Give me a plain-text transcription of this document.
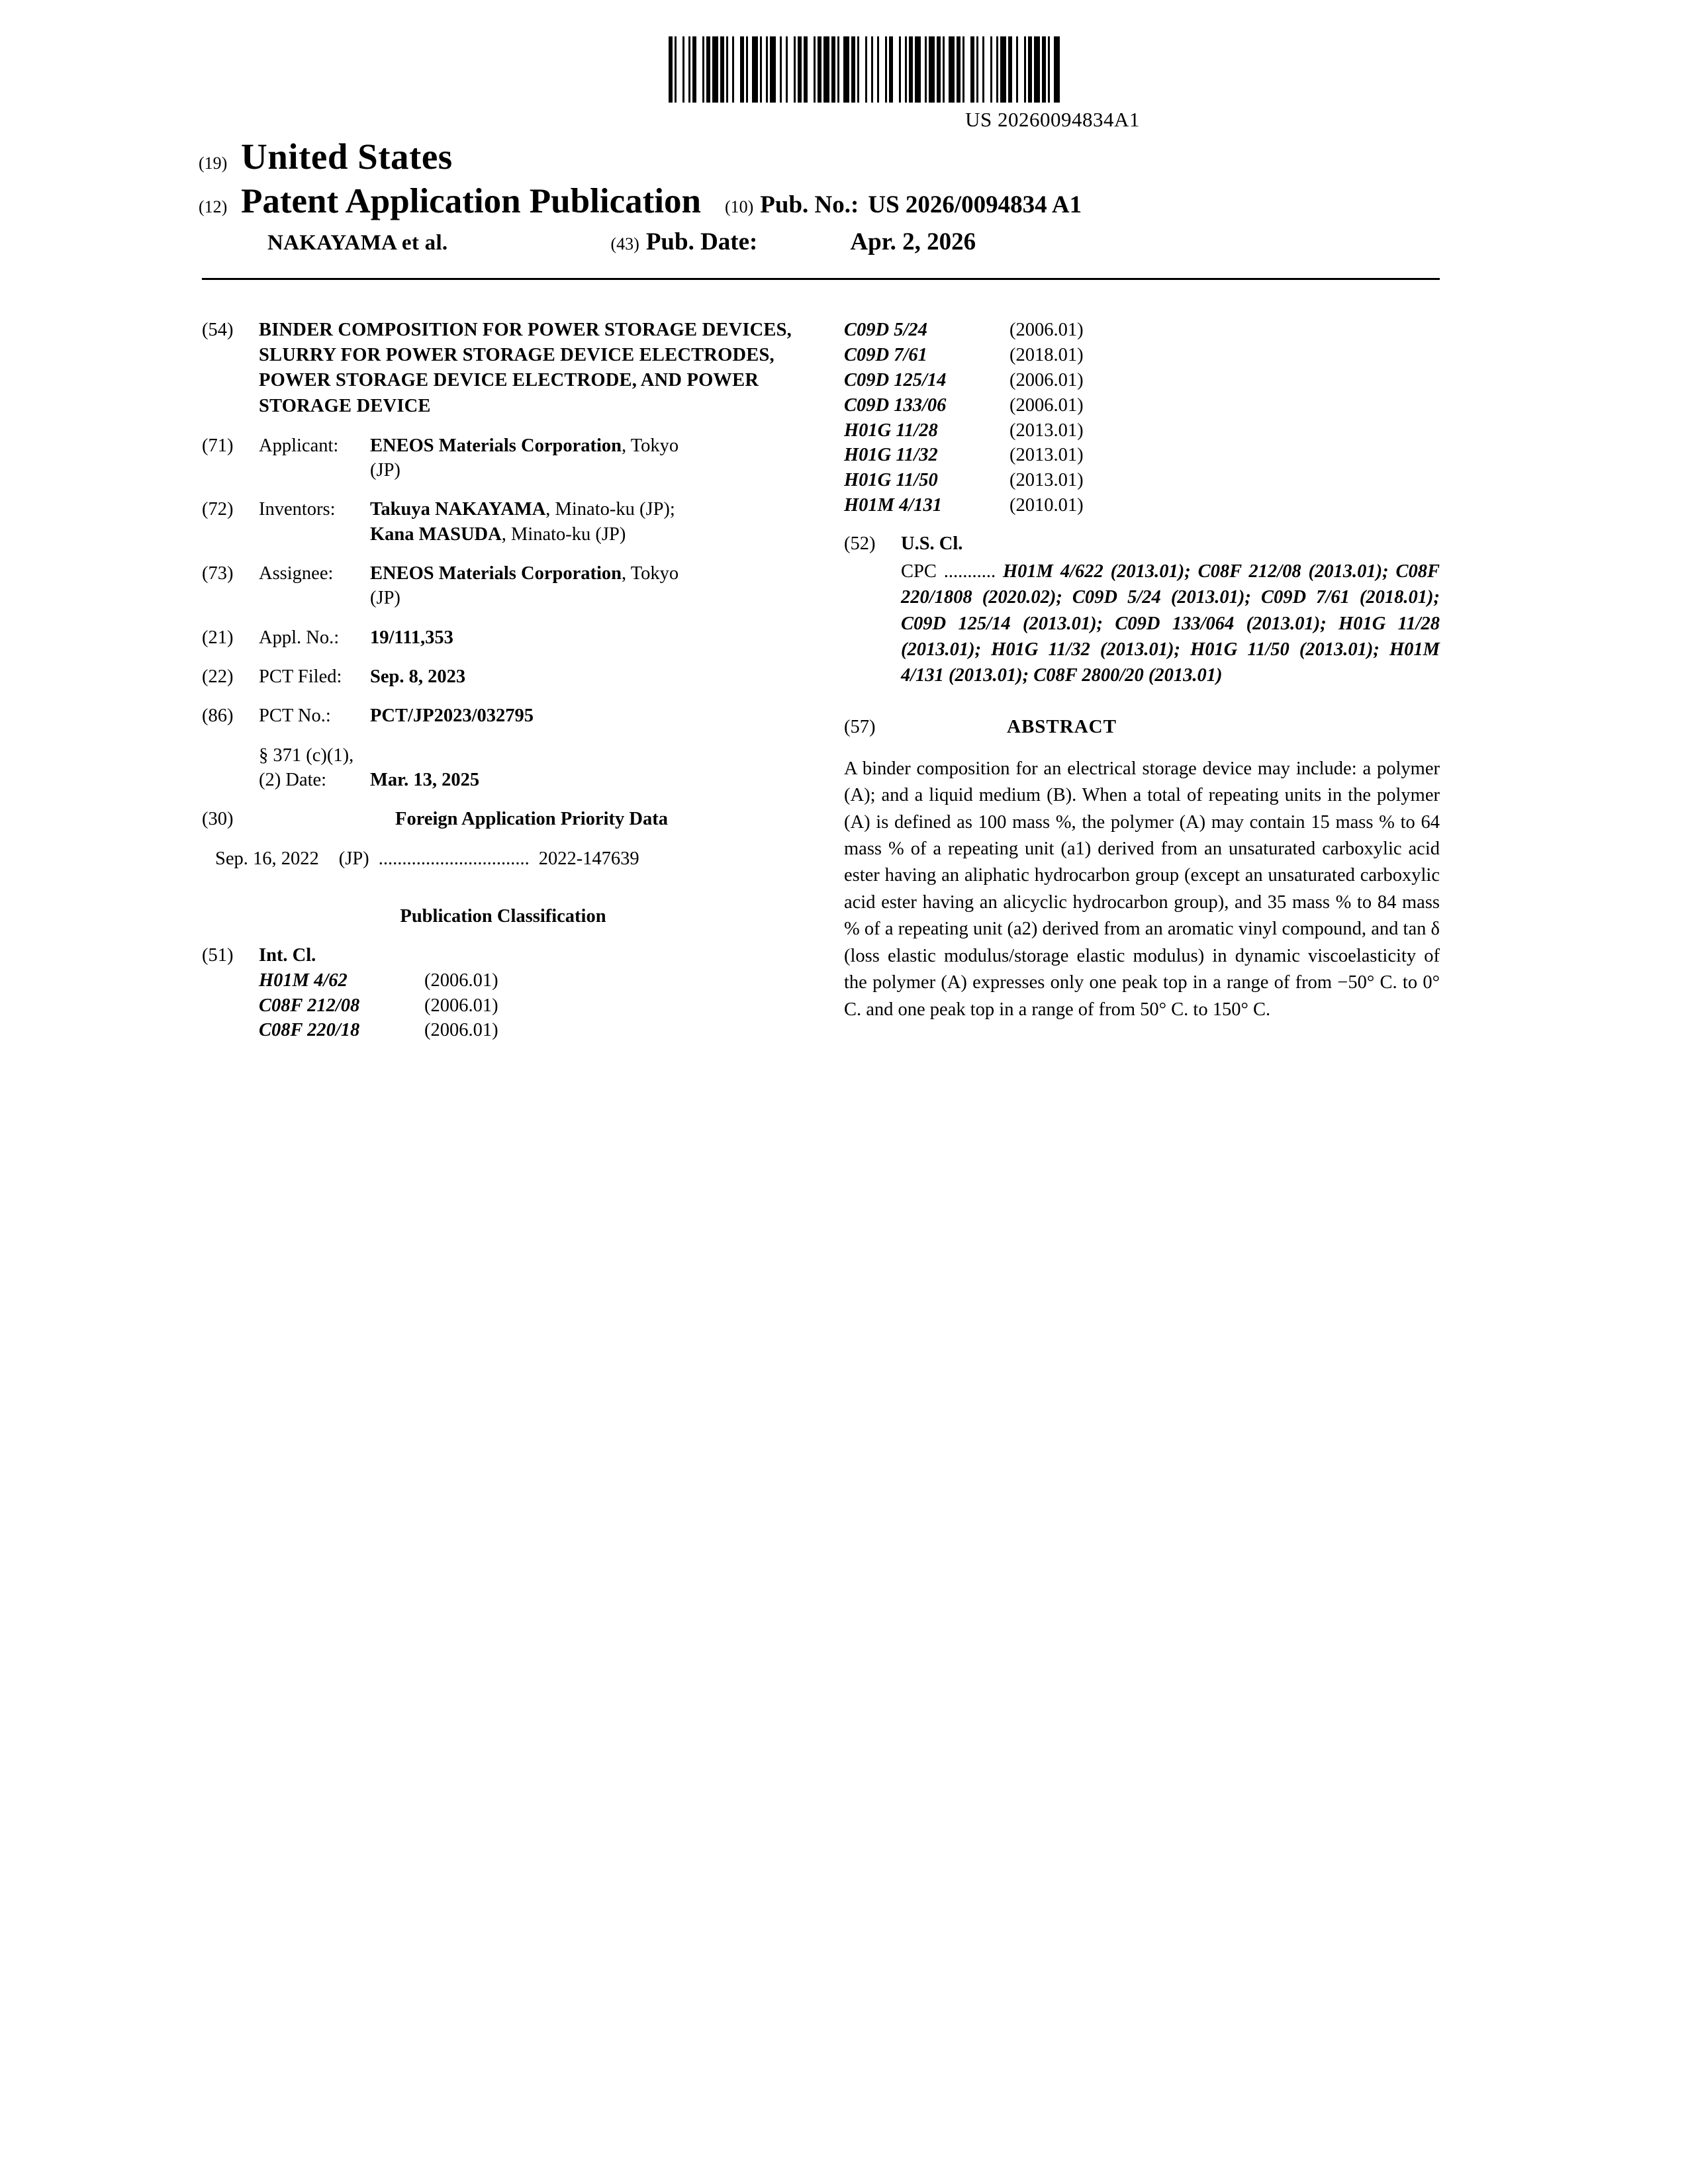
US 20260094834A1
(19) United States
(12) Patent Application Publication (10) Pub. No.: US 2026/0094834 A1
NAKAYAMA et al.	(43) Pub. Date:	Apr. 2, 2026
(54)	BINDER COMPOSITION FOR POWER STORAGE DEVICES, SLURRY FOR POWER STORAGE DEVICE ELECTRODES, POWER STORAGE DEVICE ELECTRODE, AND POWER STORAGE DEVICE
(71)	Applicant:	ENEOS Materials Corporation, Tokyo
(JP)
(72)	Inventors:	Takuya NAKAYAMA, Minato-ku (JP);
Kana MASUDA, Minato-ku (JP)
(73)	Assignee:	ENEOS Materials Corporation, Tokyo
(JP)
(21)	Appl. No.:	19/111,353
(22)	PCT Filed:	Sep. 8, 2023
(86)	PCT No.:	PCT/JP2023/032795
§ 371 (c)(1),
(2) Date:	Mar. 13, 2025
(30)	Foreign Application Priority Data
Sep. 16, 2022 (JP) ................................ 2022-147639
Publication Classification
(51)	Int. Cl.
H01M 4/62	(2006.01)
C08F 212/08	(2006.01)
C08F 220/18	(2006.01)
C09D 5/24	(2006.01)
C09D 7/61	(2018.01)
C09D 125/14	(2006.01)
C09D 133/06	(2006.01)
H01G 11/28	(2013.01)
H01G 11/32	(2013.01)
H01G 11/50	(2013.01)
H01M 4/131	(2010.01)
(52)	U.S. Cl.
CPC ........... H01M 4/622 (2013.01); C08F 212/08 (2013.01); C08F 220/1808 (2020.02); C09D 5/24 (2013.01); C09D 7/61 (2018.01); C09D 125/14 (2013.01); C09D 133/064 (2013.01); H01G 11/28 (2013.01); H01G 11/32 (2013.01); H01G 11/50 (2013.01); H01M 4/131 (2013.01); C08F 2800/20 (2013.01)
(57)	ABSTRACT
A binder composition for an electrical storage device may include: a polymer (A); and a liquid medium (B). When a total of repeating units in the polymer (A) is defined as 100 mass %, the polymer (A) may contain 15 mass % to 64 mass % of a repeating unit (a1) derived from an unsaturated carboxylic acid ester having an aliphatic hydrocarbon group (except an unsaturated carboxylic acid ester having an alicyclic hydrocarbon group), and 35 mass % to 84 mass % of a repeating unit (a2) derived from an aromatic vinyl compound, and tan δ (loss elastic modulus/storage elastic modulus) in dynamic viscoelasticity of the polymer (A) expresses only one peak top in a range of from −50° C. to 0° C. and one peak top in a range of from 50° C. to 150° C.
